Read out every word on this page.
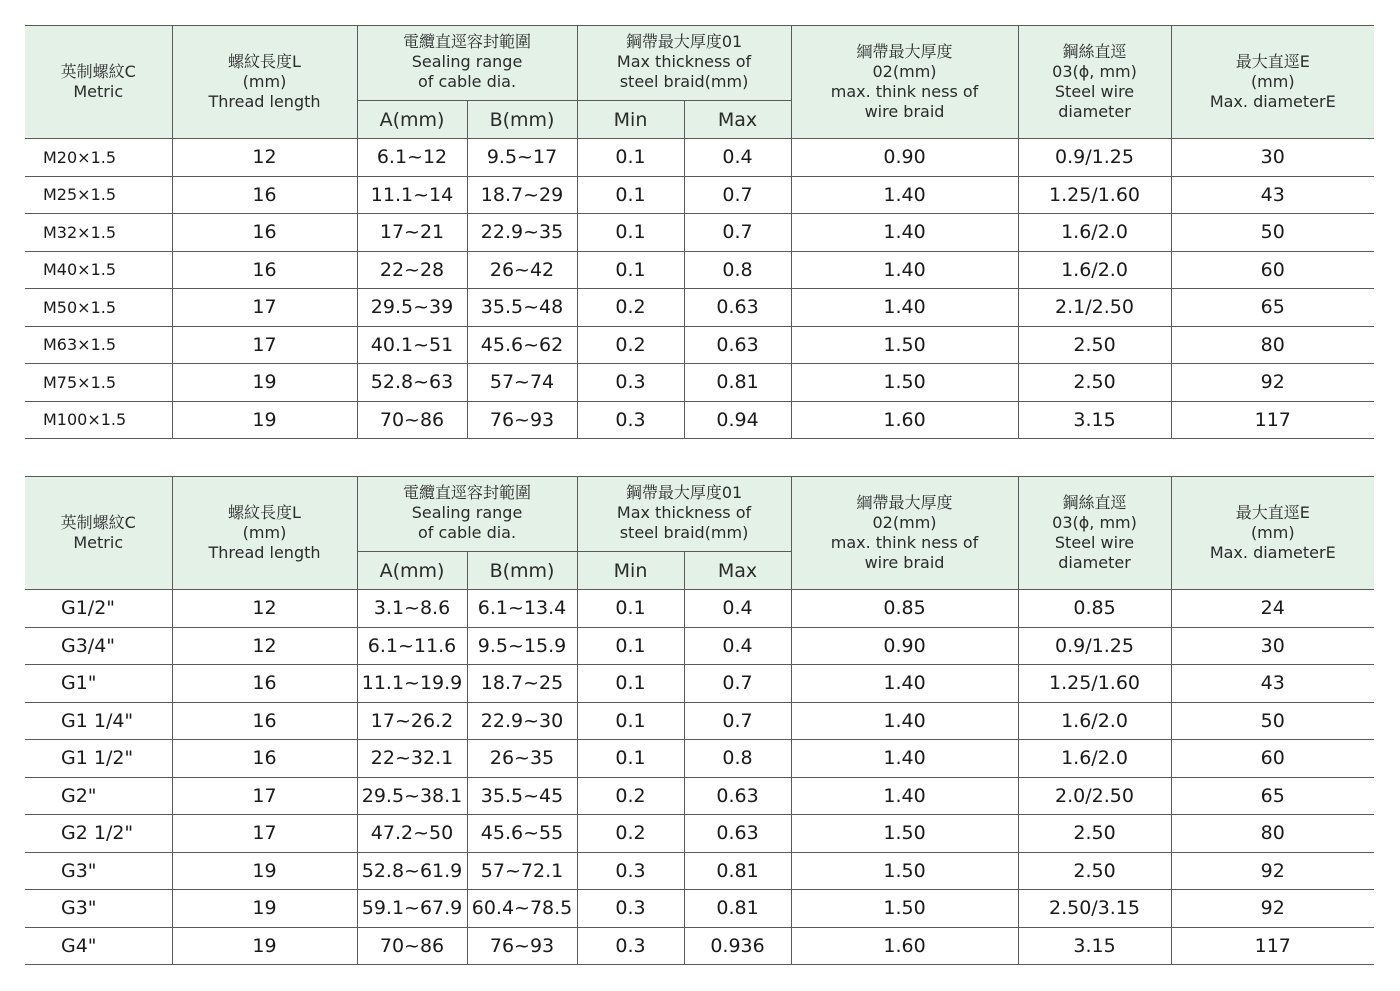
英制螺紋C
Metric	螺紋長度L
(mm)
Thread length	電纜直逕容封範圍
Sealing range
of cable dia.		鋼帶最大厚度01
Max thickness of
steel braid(mm)		綱帶最大厚度
02(mm)
max. think ness of
wire braid	鋼絲直逕
03(ϕ, mm)
Steel wire
diameter	最大直逕E
(mm)
Max. diameterE

		A(mm)	B(mm)	Min	Max			
M20×1.5	12	6.1~12	9.5~17	0.1	0.4	0.90	0.9/1.25	30
M25×1.5	16	11.1~14	18.7~29	0.1	0.7	1.40	1.25/1.60	43
M32×1.5	16	17~21	22.9~35	0.1	0.7	1.40	1.6/2.0	50
M40×1.5	16	22~28	26~42	0.1	0.8	1.40	1.6/2.0	60
M50×1.5	17	29.5~39	35.5~48	0.2	0.63	1.40	2.1/2.50	65
M63×1.5	17	40.1~51	45.6~62	0.2	0.63	1.50	2.50	80
M75×1.5	19	52.8~63	57~74	0.3	0.81	1.50	2.50	92
M100×1.5	19	70~86	76~93	0.3	0.94	1.60	3.15	117
英制螺紋C
Metric	螺紋長度L
(mm)
Thread length	電纜直逕容封範圍
Sealing range
of cable dia.		鋼帶最大厚度01
Max thickness of
steel braid(mm)		綱帶最大厚度
02(mm)
max. think ness of
wire braid	鋼絲直逕
03(ϕ, mm)
Steel wire
diameter	最大直逕E
(mm)
Max. diameterE

		A(mm)	B(mm)	Min	Max			
G1/2"	12	3.1~8.6	6.1~13.4	0.1	0.4	0.85	0.85	24
G3/4"	12	6.1~11.6	9.5~15.9	0.1	0.4	0.90	0.9/1.25	30
G1"	16	11.1~19.9	18.7~25	0.1	0.7	1.40	1.25/1.60	43
G1 1/4"	16	17~26.2	22.9~30	0.1	0.7	1.40	1.6/2.0	50
G1 1/2"	16	22~32.1	26~35	0.1	0.8	1.40	1.6/2.0	60
G2"	17	29.5~38.1	35.5~45	0.2	0.63	1.40	2.0/2.50	65
G2 1/2"	17	47.2~50	45.6~55	0.2	0.63	1.50	2.50	80
G3"	19	52.8~61.9	57~72.1	0.3	0.81	1.50	2.50	92
G3"	19	59.1~67.9	60.4~78.5	0.3	0.81	1.50	2.50/3.15	92
G4"	19	70~86	76~93	0.3	0.936	1.60	3.15	117
